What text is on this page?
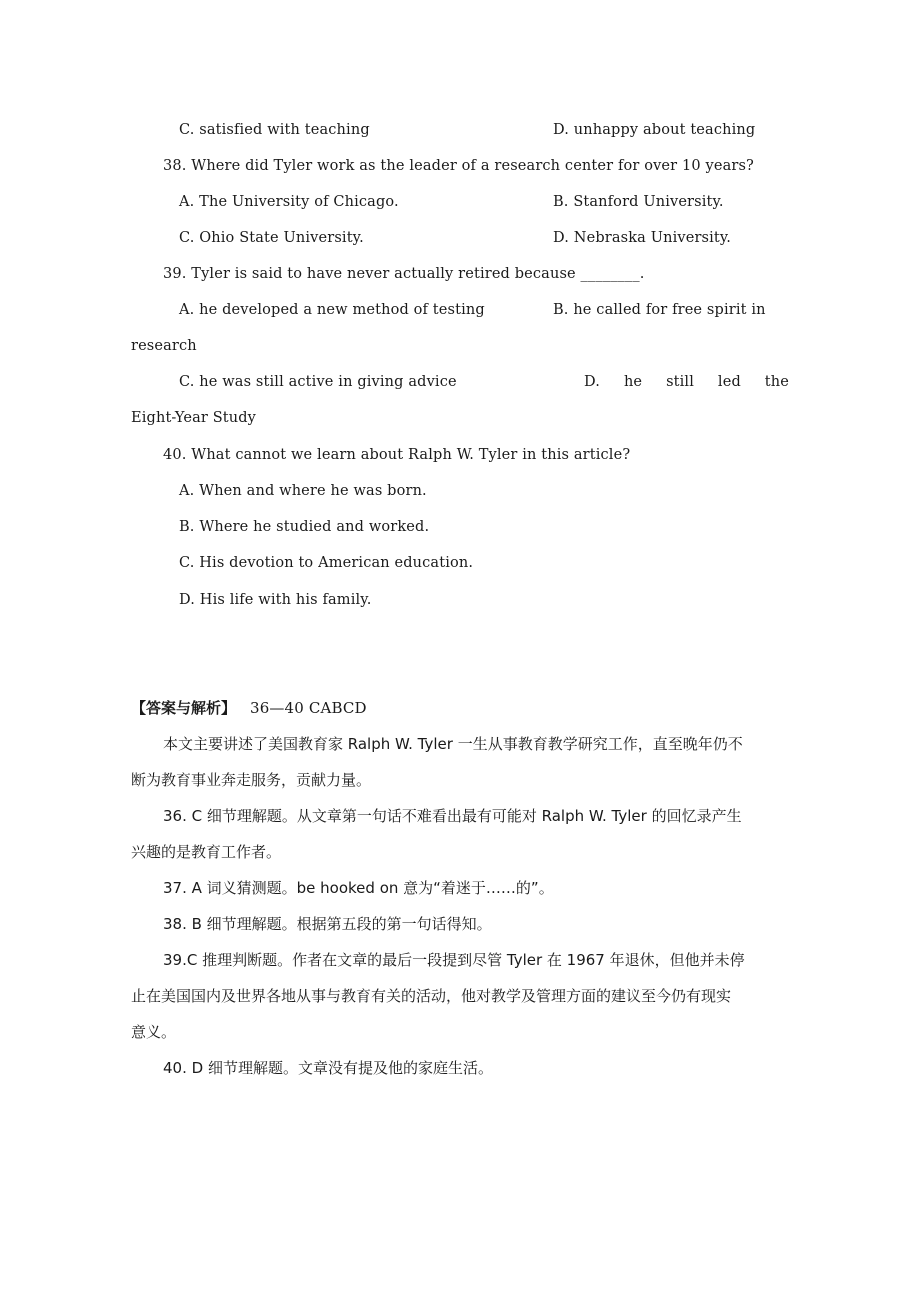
C. satisfied with teaching	D. unhappy about teaching
38. Where did Tyler work as the leader of a research center for over 10 years?
A. The University of Chicago.	B. Stanford University.
C. Ohio State University.	D. Nebraska University.
39. Tyler is said to have never actually retired because ________.
A. he developed a new method of testing	B. he called for free spirit in
research
C. he was still active in giving advice	D. he still led the
Eight-Year Study
40. What cannot we learn about Ralph W. Tyler in this article?
A. When and where he was born.
B. Where he studied and worked.
C. His devotion to American education.
D. His life with his family.
【答案与解析】 36—40 CABCD
本文主要讲述了美国教育家 Ralph W. Tyler 一生从事教育教学研究工作，直至晚年仍不
断为教育事业奔走服务，贡献力量。
36. C 细节理解题。从文章第一句话不难看出最有可能对 Ralph W. Tyler 的回忆录产生
兴趣的是教育工作者。
37. A 词义猜测题。be hooked on 意为“着迷于……的”。
38. B 细节理解题。根据第五段的第一句话得知。
39.C 推理判断题。作者在文章的最后一段提到尽管 Tyler 在 1967 年退休，但他并未停
止在美国国内及世界各地从事与教育有关的活动，他对教学及管理方面的建议至今仍有现实
意义。
40. D 细节理解题。文章没有提及他的家庭生活。
